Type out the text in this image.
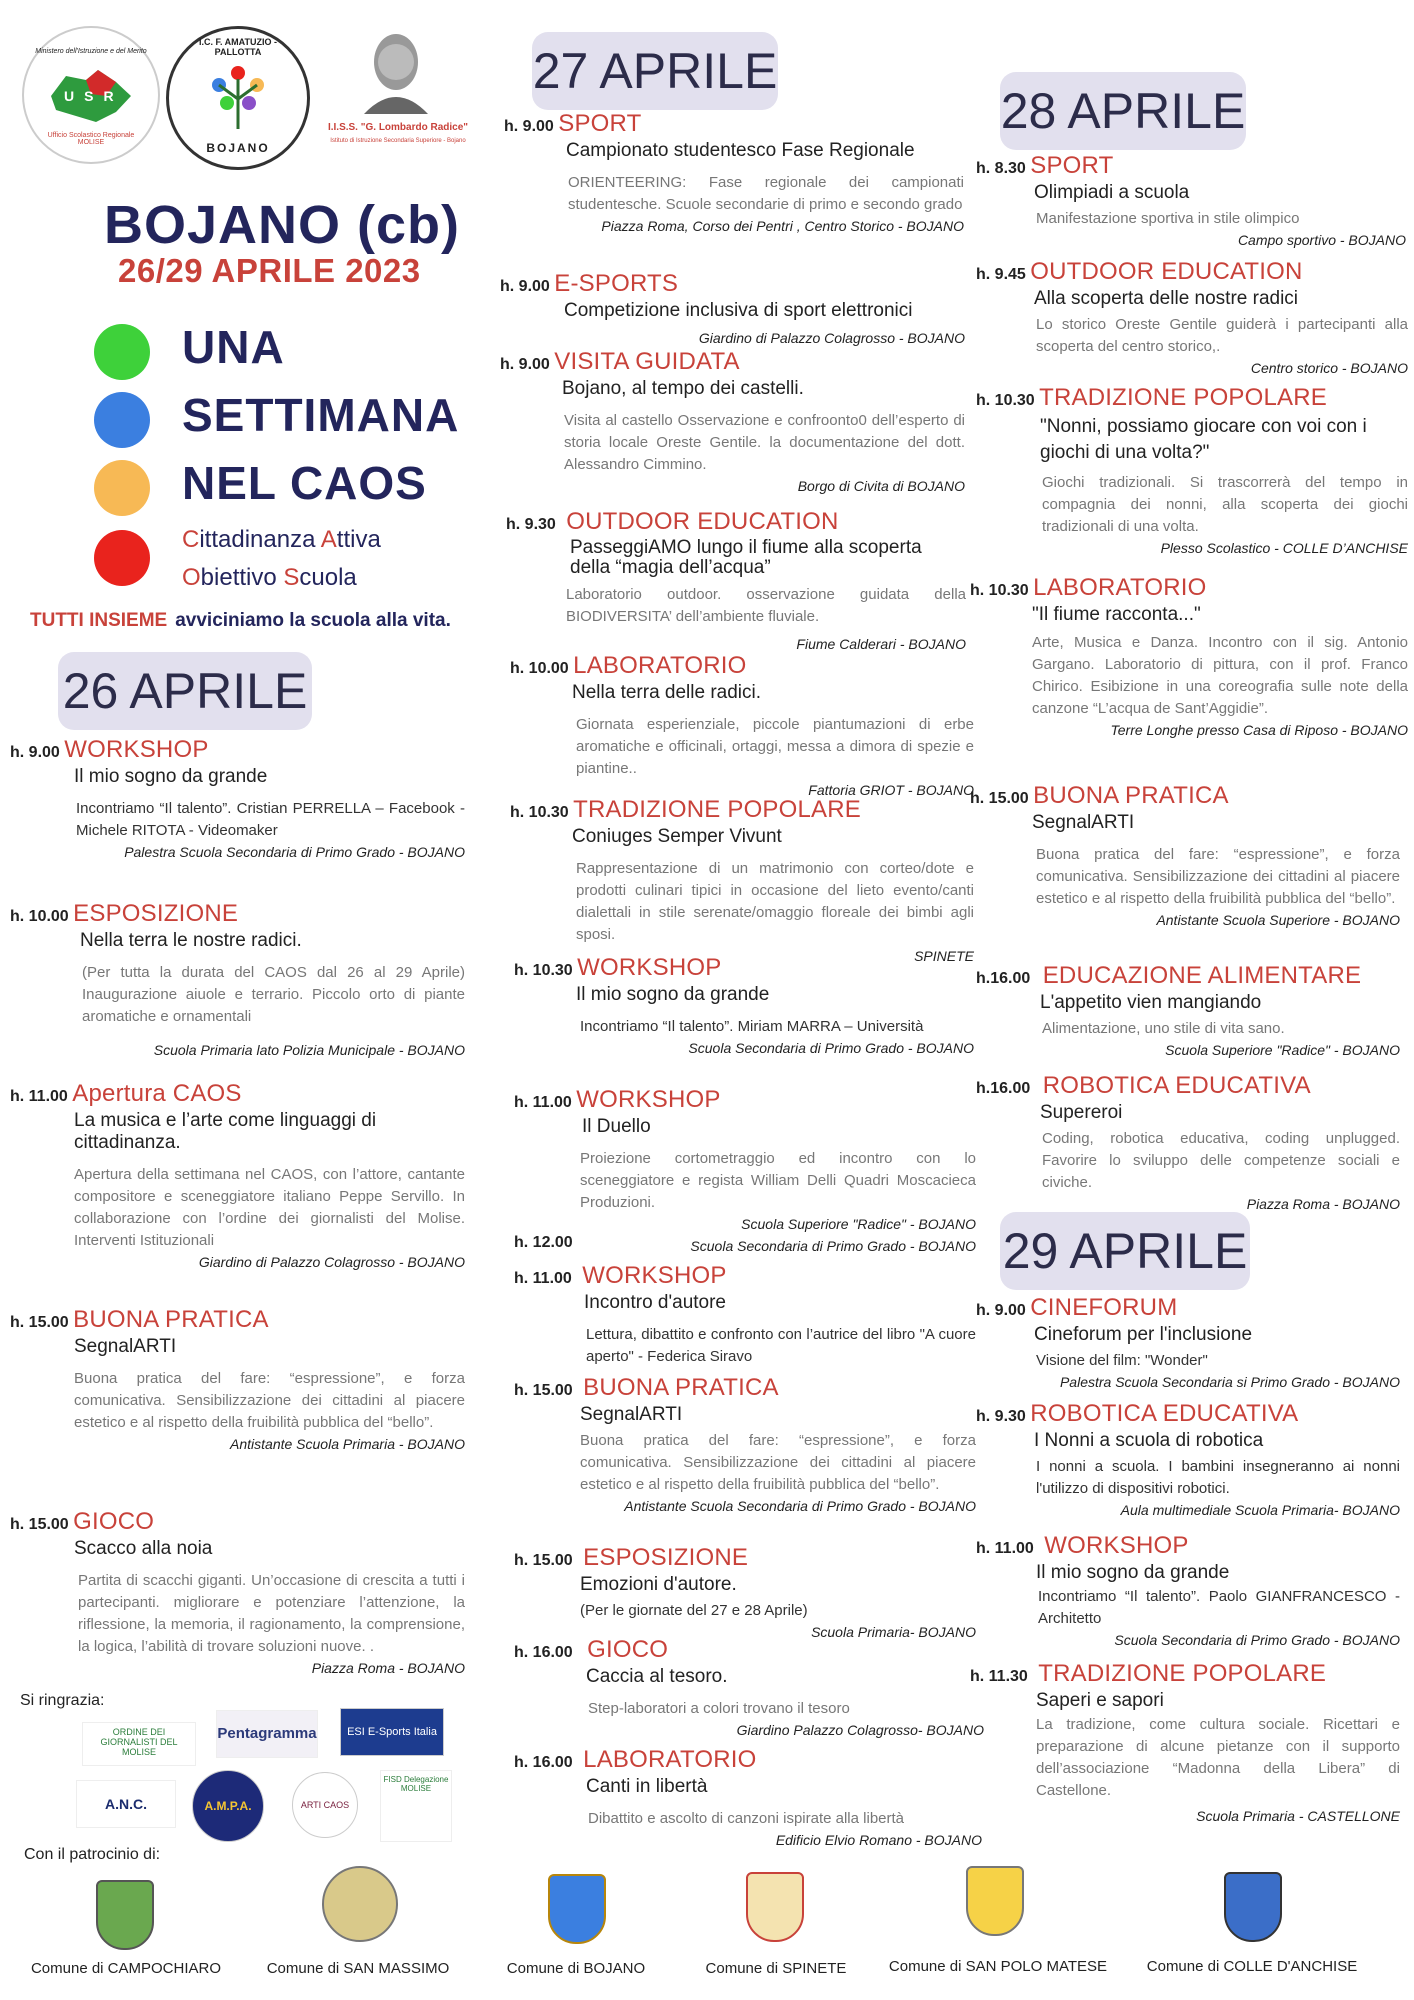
Ministero dell'Istruzione e del Merito
USR
Ufficio Scolastico Regionale MOLISE
I.C. F. AMATUZIO - PALLOTTA
BOJANO
I.I.S.S. "G. Lombardo Radice"
Istituto di Istruzione Secondaria Superiore - Bojano
BOJANO (cb)
26/29 APRILE 2023
UNA
SETTIMANA
NEL CAOS
Cittadinanza Attiva
Obiettivo Scuola
TUTTI INSIEME avviciniamo la scuola alla vita.
26 APRILE
27 APRILE
28 APRILE
29 APRILE
h. 9.00 WORKSHOP
Il mio sogno da grande
Incontriamo “Il talento”. Cristian PERRELLA – Facebook - Michele RITOTA - Videomaker
Palestra Scuola Secondaria di Primo Grado - BOJANO
h. 10.00 ESPOSIZIONE
Nella terra le nostre radici.
(Per tutta la durata del CAOS dal 26 al 29 Aprile) Inaugurazione aiuole e terrario. Piccolo orto di piante aromatiche e ornamentali
Scuola Primaria lato Polizia Municipale - BOJANO
h. 11.00 Apertura CAOS
La musica e l’arte come linguaggi di cittadinanza.
Apertura della settimana nel CAOS, con l’attore, cantante compositore e sceneggiatore italiano Peppe Servillo. In collaborazione con l’ordine dei giornalisti del Molise. Interventi Istituzionali
Giardino di Palazzo Colagrosso - BOJANO
h. 15.00 BUONA PRATICA
SegnalARTI
Buona pratica del fare: “espressione”, e forza comunicativa. Sensibilizzazione dei cittadini al piacere estetico e al rispetto della fruibilità pubblica del “bello”.
Antistante Scuola Primaria - BOJANO
h. 15.00 GIOCO
Scacco alla noia
Partita di scacchi giganti. Un’occasione di crescita a tutti i partecipanti. migliorare e potenziare l’attenzione, la riflessione, la memoria, il ragionamento, la comprensione, la logica, l’abilità di trovare soluzioni nuove. .
Piazza Roma - BOJANO
Si ringrazia:
ORDINE DEI GIORNALISTI DEL MOLISE
Pentagramma	ESI E-Sports Italia
A.N.C.	A.M.P.A.	ARTI CAOS
FISD Delegazione MOLISE
Con il patrocinio di:
h. 9.00 SPORT
Campionato studentesco Fase Regionale
ORIENTEERING: Fase regionale dei campionati studentesche. Scuole secondarie di primo e secondo grado
Piazza Roma, Corso dei Pentri , Centro Storico - BOJANO
h. 9.00 E-SPORTS
Competizione inclusiva di sport elettronici
Giardino di Palazzo Colagrosso - BOJANO
h. 9.00 VISITA GUIDATA
Bojano, al tempo dei castelli.
Visita al castello Osservazione e confroonto0 dell’esperto di storia locale Oreste Gentile. la documentazione del dott. Alessandro Cimmino.
Borgo di Civita di BOJANO
h. 9.30 OUTDOOR EDUCATION
PasseggiAMO lungo il fiume alla scoperta della “magia dell’acqua”
Laboratorio outdoor. osservazione guidata della BIODIVERSITA’ dell’ambiente fluviale.
Fiume Calderari - BOJANO
h. 10.00 LABORATORIO
Nella terra delle radici.
Giornata esperienziale, piccole piantumazioni di erbe aromatiche e officinali, ortaggi, messa a dimora di spezie e piantine..
Fattoria GRIOT - BOJANO
h. 10.30 TRADIZIONE POPOLARE
Coniuges Semper Vivunt
Rappresentazione di un matrimonio con corteo/dote e prodotti culinari tipici in occasione del lieto evento/canti dialettali in stile serenate/omaggio floreale dei bimbi agli sposi.
SPINETE
h. 10.30 WORKSHOP
Il mio sogno da grande
Incontriamo “Il talento”. Miriam MARRA – Università
Scuola Secondaria di Primo Grado - BOJANO
h. 11.00 WORKSHOP
Il Duello
Proiezione cortometraggio ed incontro con lo sceneggiatore e regista William Delli Quadri Moscacieca Produzioni.
Scuola Superiore "Radice" - BOJANO
h. 12.00	Scuola Secondaria di Primo Grado - BOJANO
h. 11.00 WORKSHOP
Incontro d'autore
Lettura, dibattito e confronto con l’autrice del libro "A cuore aperto" - Federica Siravo
h. 15.00 BUONA PRATICA
SegnalARTI
Buona pratica del fare: “espressione”, e forza comunicativa. Sensibilizzazione dei cittadini al piacere estetico e al rispetto della fruibilità pubblica del “bello”.
Antistante Scuola Secondaria di Primo Grado - BOJANO
h. 15.00 ESPOSIZIONE
Emozioni d'autore.
(Per le giornate del 27 e 28 Aprile)
Scuola Primaria- BOJANO
h. 16.00 GIOCO
Caccia al tesoro.
Step-laboratori a colori trovano il tesoro
Giardino Palazzo Colagrosso- BOJANO
h. 16.00 LABORATORIO
Canti in libertà
Dibattito e ascolto di canzoni ispirate alla libertà
Edificio Elvio Romano - BOJANO
h. 8.30 SPORT
Olimpiadi a scuola
Manifestazione sportiva in stile olimpico
Campo sportivo - BOJANO
h. 9.45 OUTDOOR EDUCATION
Alla scoperta delle nostre radici
Lo storico Oreste Gentile guiderà i partecipanti alla scoperta del centro storico,.
Centro storico - BOJANO
h. 10.30 TRADIZIONE POPOLARE
"Nonni, possiamo giocare con voi con i giochi di una volta?"
Giochi tradizionali. Si trascorrerà del tempo in compagnia dei nonni, alla scoperta dei giochi tradizionali di una volta.
Plesso Scolastico - COLLE D’ANCHISE
h. 10.30 LABORATORIO
"Il fiume racconta..."
Arte, Musica e Danza. Incontro con il sig. Antonio Gargano. Laboratorio di pittura, con il prof. Franco Chirico. Esibizione in una coreografia sulle note della canzone “L’acqua de Sant’Aggidie”.
Terre Longhe presso Casa di Riposo - BOJANO
h. 15.00 BUONA PRATICA
SegnalARTI
Buona pratica del fare: “espressione”, e forza comunicativa. Sensibilizzazione dei cittadini al piacere estetico e al rispetto della fruibilità pubblica del “bello”.
Antistante Scuola Superiore - BOJANO
h.16.00 EDUCAZIONE ALIMENTARE
L'appetito vien mangiando
Alimentazione, uno stile di vita sano.
Scuola Superiore "Radice" - BOJANO
h.16.00 ROBOTICA EDUCATIVA
Supereroi
Coding, robotica educativa, coding unplugged. Favorire lo sviluppo delle competenze sociali e civiche.
Piazza Roma - BOJANO
h. 9.00 CINEFORUM
Cineforum per l'inclusione
Visione del film: "Wonder"
Palestra Scuola Secondaria si Primo Grado - BOJANO
h. 9.30 ROBOTICA EDUCATIVA
I Nonni a scuola di robotica
I nonni a scuola. I bambini insegneranno ai nonni l'utilizzo di dispositivi robotici.
Aula multimediale Scuola Primaria- BOJANO
h. 11.00 WORKSHOP
Il mio sogno da grande
Incontriamo “Il talento”. Paolo GIANFRANCESCO - Architetto
Scuola Secondaria di Primo Grado - BOJANO
h. 11.30 TRADIZIONE POPOLARE
Saperi e sapori
La tradizione, come cultura sociale. Ricettari e preparazione di alcune pietanze con il supporto dell’associazione “Madonna della Libera” di Castellone.
Scuola Primaria - CASTELLONE
Comune di CAMPOCHIARO	Comune di SAN MASSIMO	Comune di BOJANO	Comune di SPINETE	Comune di SAN POLO MATESE	Comune di COLLE D'ANCHISE
